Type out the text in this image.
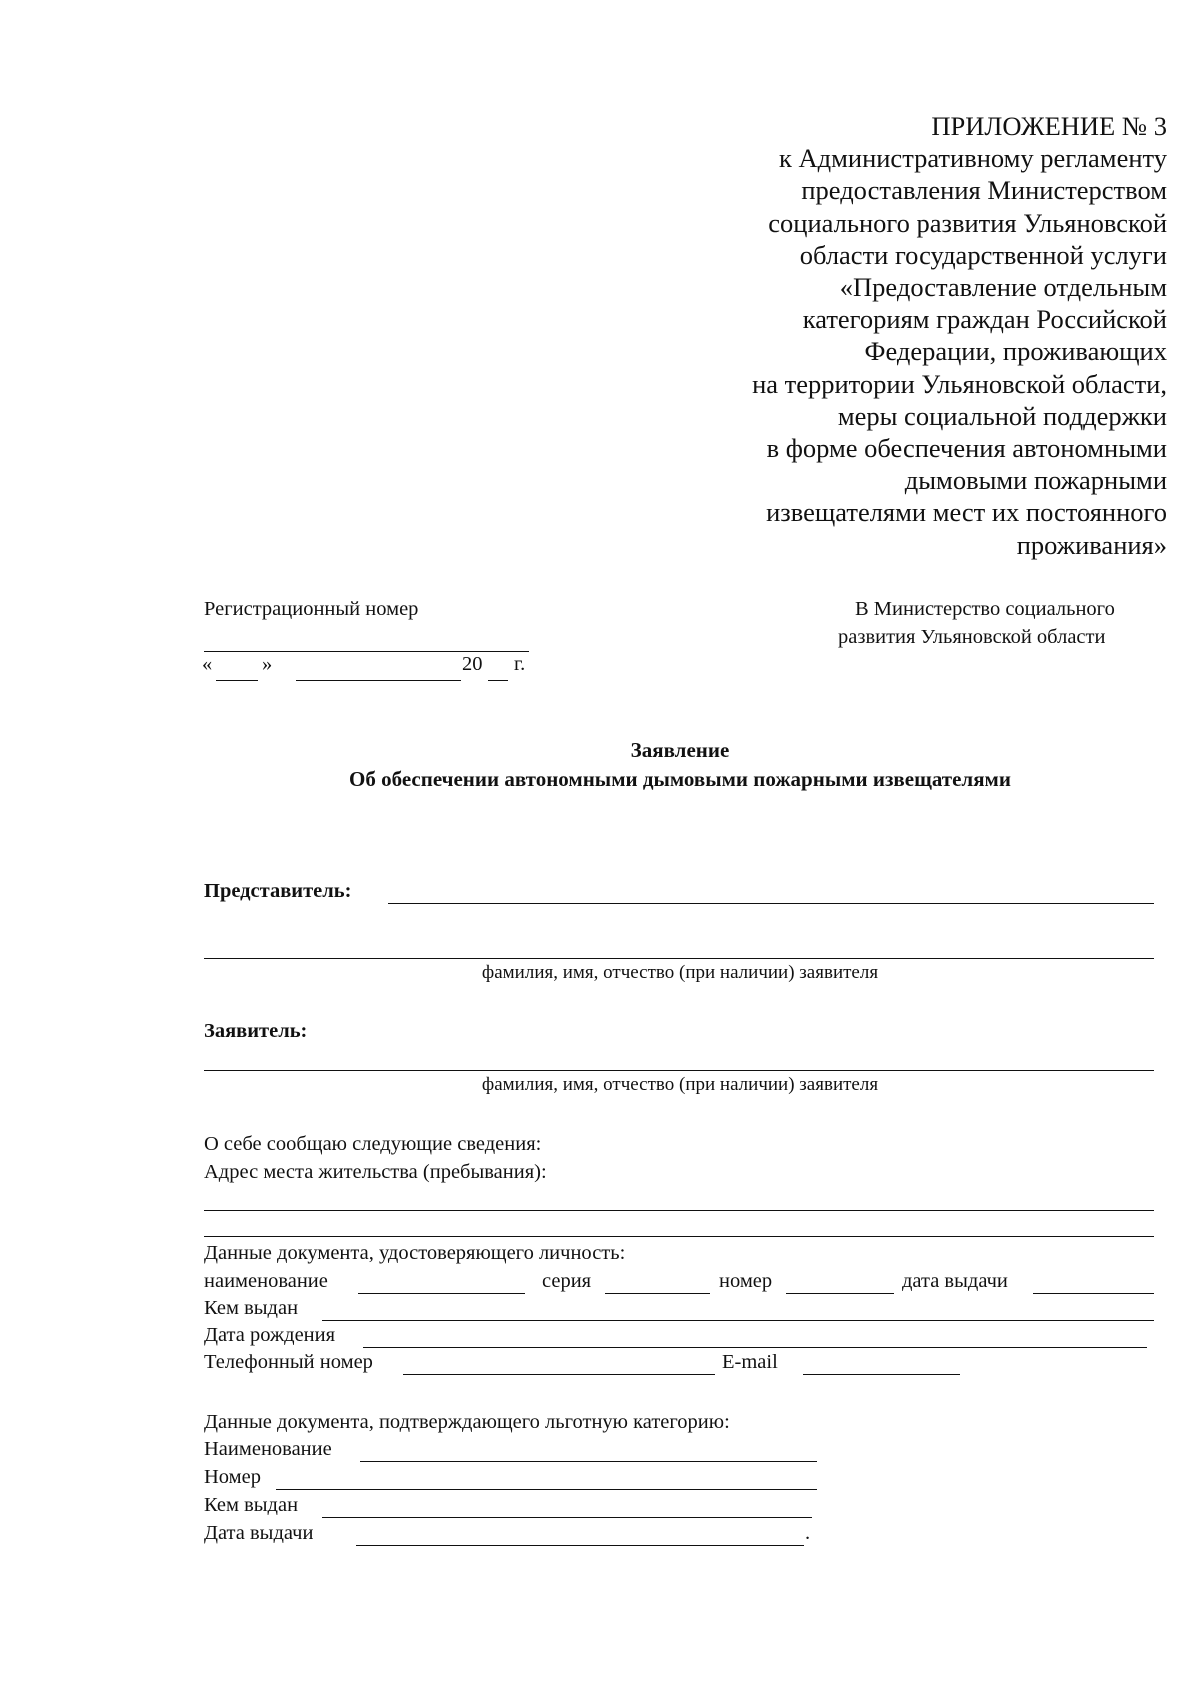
ПРИЛОЖЕНИЕ № 3
к Административному регламенту
предоставления Министерством
социального развития Ульяновской
области государственной услуги
«Предоставление отдельным
категориям граждан Российской
Федерации, проживающих
на территории Ульяновской области,
меры социальной поддержки
в форме обеспечения автономными
дымовыми пожарными
извещателями мест их постоянного
проживания»
Регистрационный номер
« »	20 г.
В Министерство социального
развития Ульяновской области
Заявление
Об обеспечении автономными дымовыми пожарными извещателями
Представитель:
фамилия, имя, отчество (при наличии) заявителя
Заявитель:
фамилия, имя, отчество (при наличии) заявителя
О себе сообщаю следующие сведения:
Адрес места жительства (пребывания):
Данные документа, удостоверяющего личность:
наименование	серия	номер	дата выдачи
Кем выдан
Дата рождения
Телефонный номер	E-mail
Данные документа, подтверждающего льготную категорию:
Наименование
Номер
Кем выдан
Дата выдачи	.
